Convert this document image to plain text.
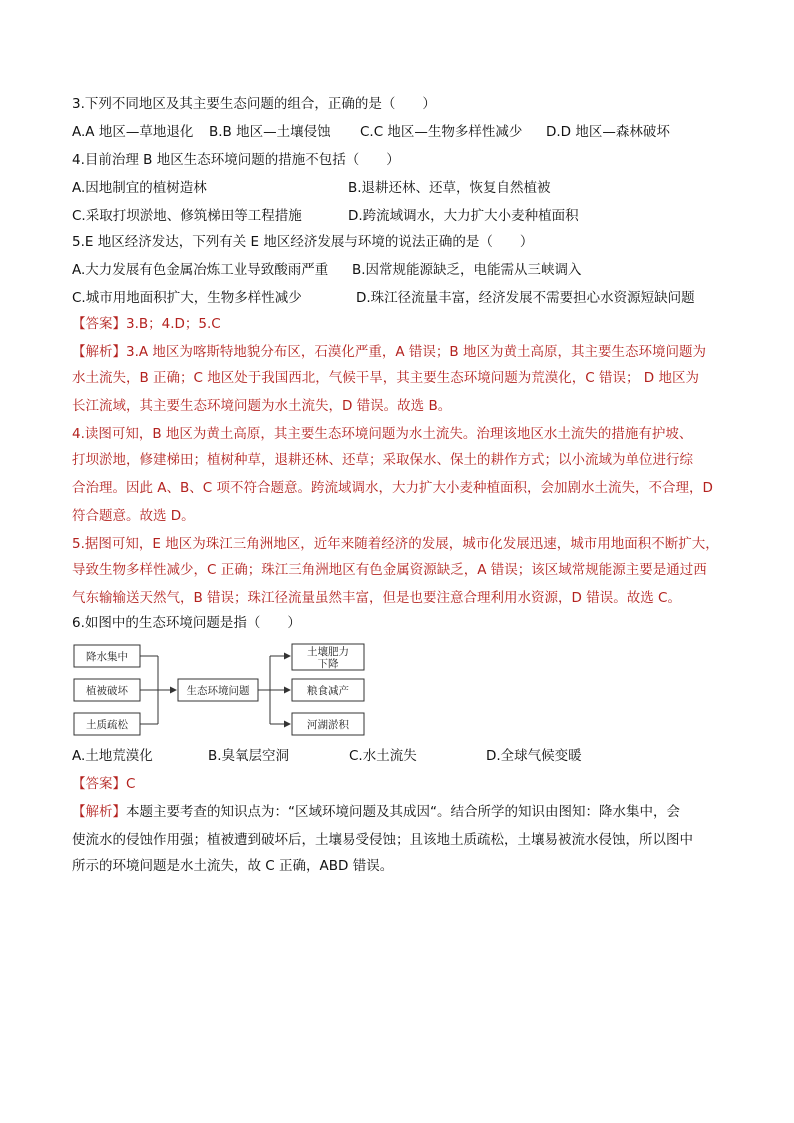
3.下列不同地区及其主要生态问题的组合，正确的是（　　）
A.A 地区—草地退化 B.B 地区—土壤侵蚀 C.C 地区—生物多样性减少 D.D 地区—森林破坏
4.目前治理 B 地区生态环境问题的措施不包括（　　）
A.因地制宜的植树造林	B.退耕还林、还草，恢复自然植被
C.采取打坝淤地、修筑梯田等工程措施	D.跨流域调水，大力扩大小麦种植面积
5.E 地区经济发达，下列有关 E 地区经济发展与环境的说法正确的是（　　）
A.大力发展有色金属冶炼工业导致酸雨严重 B.因常规能源缺乏，电能需从三峡调入
C.城市用地面积扩大，生物多样性减少	D.珠江径流量丰富，经济发展不需要担心水资源短缺问题
【答案】3.B；4.D；5.C
【解析】3.A 地区为喀斯特地貌分布区，石漠化严重，A 错误；B 地区为黄土高原，其主要生态环境问题为
水土流失，B 正确；C 地区处于我国西北，气候干旱，其主要生态环境问题为荒漠化，C 错误； D 地区为
长江流域，其主要生态环境问题为水土流失，D 错误。故选 B。
4.读图可知，B 地区为黄土高原，其主要生态环境问题为水土流失。治理该地区水土流失的措施有护坡、
打坝淤地，修建梯田；植树种草，退耕还林、还草；采取保水、保土的耕作方式；以小流域为单位进行综
合治理。因此 A、B、C 项不符合题意。跨流域调水，大力扩大小麦种植面积，会加剧水土流失，不合理，D
符合题意。故选 D。
5.据图可知，E 地区为珠江三角洲地区，近年来随着经济的发展，城市化发展迅速，城市用地面积不断扩大，
导致生物多样性减少，C 正确；珠江三角洲地区有色金属资源缺乏，A 错误；该区域常规能源主要是通过西
气东输输送天然气，B 错误；珠江径流量虽然丰富，但是也要注意合理利用水资源，D 错误。故选 C。
6.如图中的生态环境问题是指（　　）
降水集中
植被破坏
土质疏松
生态环境问题
土壤肥力
下降
粮食减产
河湖淤积
A.土地荒漠化	B.臭氧层空洞	C.水土流失	D.全球气候变暖
【答案】C
【解析】本题主要考查的知识点为：“区域环境问题及其成因“。结合所学的知识由图知：降水集中，会
使流水的侵蚀作用强；植被遭到破坏后，土壤易受侵蚀；且该地土质疏松，土壤易被流水侵蚀，所以图中
所示的环境问题是水土流失，故 C 正确，ABD 错误。
